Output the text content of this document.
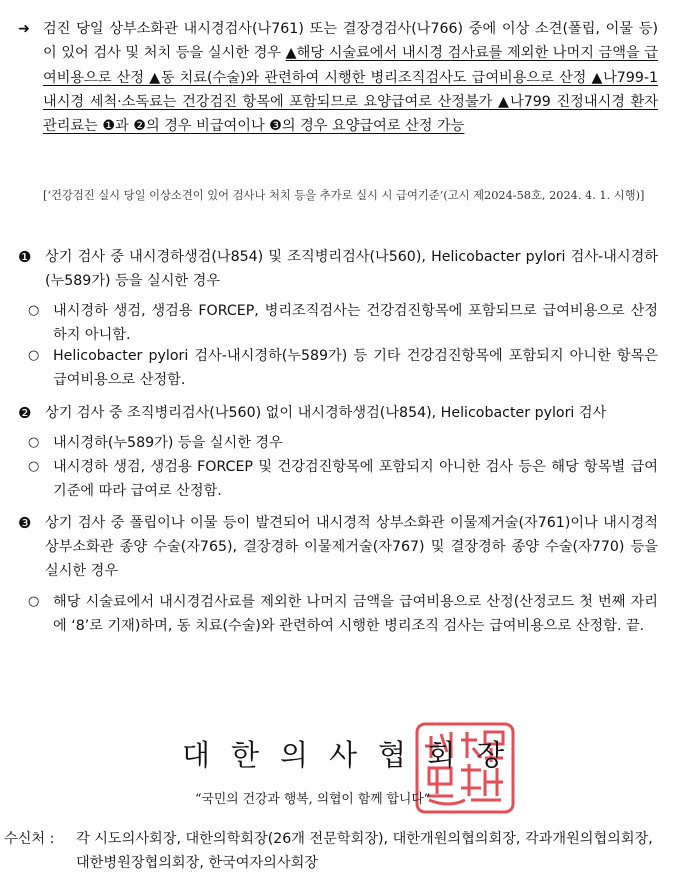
➜ 검진 당일 상부소화관 내시경검사(나761) 또는 결장경검사(나766) 중에 이상 소견(폴립, 이물 등)이 있어 검사 및 처치 등을 실시한 경우 ▲해당 시술료에서 내시경 검사료를 제외한 나머지 금액을 급여비용으로 산정 ▲동 치료(수술)와 관련하여 시행한 병리조직검사도 급여비용으로 산정 ▲나799-1 내시경 세척·소독료는 건강검진 항목에 포함되므로 요양급여로 산정불가 ▲나799 진정내시경 환자관리료는 ❶과 ❷의 경우 비급여이나 ❸의 경우 요양급여로 산정 가능
[‘건강검진 실시 당일 이상소견이 있어 검사나 처치 등을 추가로 실시 시 급여기준’(고시 제2024-58호, 2024. 4. 1. 시행)]
❶ 상기 검사 중 내시경하생검(나854) 및 조직병리검사(나560), Helicobacter pylori 검사-내시경하(누589가) 등을 실시한 경우
○ 내시경하 생검, 생검용 FORCEP, 병리조직검사는 건강검진항목에 포함되므로 급여비용으로 산정하지 아니함.
○ Helicobacter pylori 검사-내시경하(누589가) 등 기타 건강검진항목에 포함되지 아니한 항목은 급여비용으로 산정함.
❷ 상기 검사 중 조직병리검사(나560) 없이 내시경하생검(나854), Helicobacter pylori 검사
○ 내시경하(누589가) 등을 실시한 경우
○ 내시경하 생검, 생검용 FORCEP 및 건강검진항목에 포함되지 아니한 검사 등은 해당 항목별 급여기준에 따라 급여로 산정함.
❸ 상기 검사 중 폴립이나 이물 등이 발견되어 내시경적 상부소화관 이물제거술(자761)이나 내시경적 상부소화관 종양 수술(자765), 결장경하 이물제거술(자767) 및 결장경하 종양 수술(자770) 등을 실시한 경우
○ 해당 시술료에서 내시경검사료를 제외한 나머지 금액을 급여비용으로 산정(산정코드 첫 번째 자리에 ‘8’로 기재)하며, 동 치료(수술)와 관련하여 시행한 병리조직 검사는 급여비용으로 산정함. 끝.
대한의사협회장
“국민의 건강과 행복, 의협이 함께 합니다”
수신처 :	각 시도의사회장, 대한의학회장(26개 전문학회장), 대한개원의협의회장, 각과개원의협의회장, 대한병원장협의회장, 한국여자의사회장
